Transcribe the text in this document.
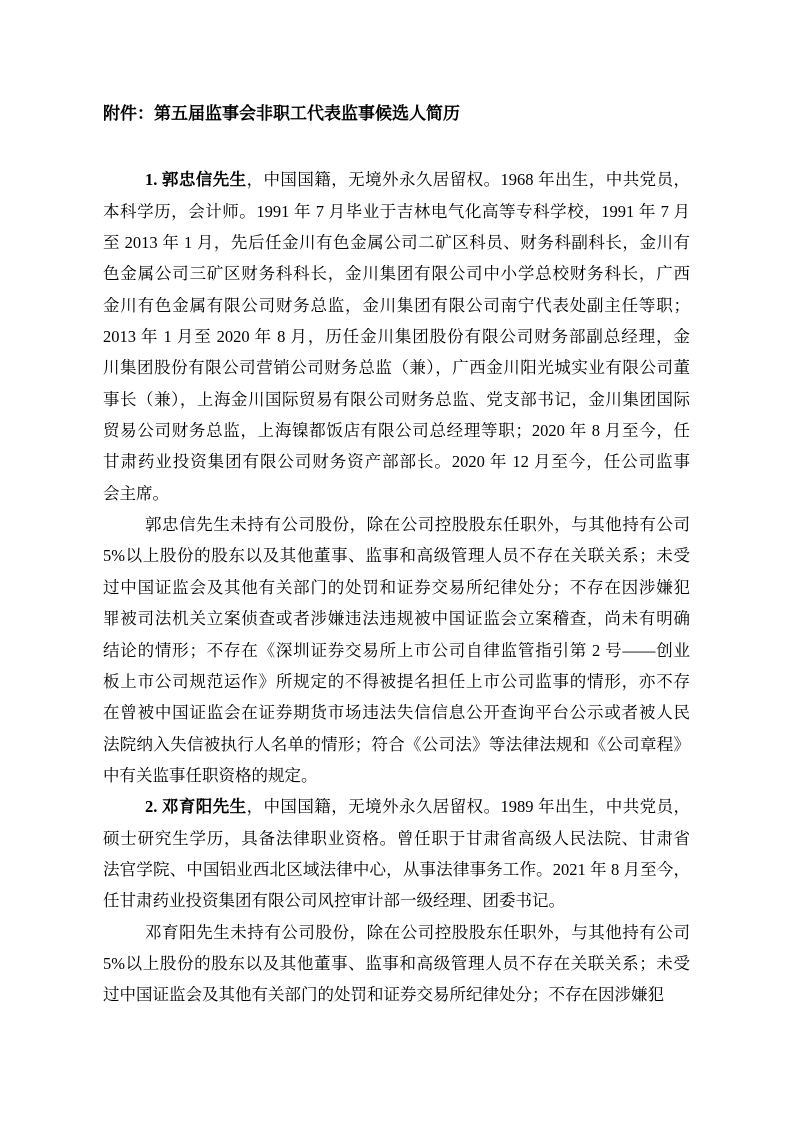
附件：第五届监事会非职工代表监事候选人简历
1. 郭忠信先生，中国国籍，无境外永久居留权。1968 年出生，中共党员，
本科学历，会计师。1991 年 7 月毕业于吉林电气化高等专科学校，1991 年 7 月
至 2013 年 1 月，先后任金川有色金属公司二矿区科员、财务科副科长，金川有
色金属公司三矿区财务科科长，金川集团有限公司中小学总校财务科长，广西
金川有色金属有限公司财务总监，金川集团有限公司南宁代表处副主任等职；
2013 年 1 月至 2020 年 8 月，历任金川集团股份有限公司财务部副总经理，金
川集团股份有限公司营销公司财务总监（兼），广西金川阳光城实业有限公司董
事长（兼），上海金川国际贸易有限公司财务总监、党支部书记，金川集团国际
贸易公司财务总监，上海镍都饭店有限公司总经理等职；2020 年 8 月至今，任
甘肃药业投资集团有限公司财务资产部部长。2020 年 12 月至今，任公司监事
会主席。
郭忠信先生未持有公司股份，除在公司控股股东任职外，与其他持有公司
5%以上股份的股东以及其他董事、监事和高级管理人员不存在关联关系；未受
过中国证监会及其他有关部门的处罚和证券交易所纪律处分；不存在因涉嫌犯
罪被司法机关立案侦查或者涉嫌违法违规被中国证监会立案稽查，尚未有明确
结论的情形；不存在《深圳证券交易所上市公司自律监管指引第 2 号——创业
板上市公司规范运作》所规定的不得被提名担任上市公司监事的情形，亦不存
在曾被中国证监会在证券期货市场违法失信信息公开查询平台公示或者被人民
法院纳入失信被执行人名单的情形；符合《公司法》等法律法规和《公司章程》
中有关监事任职资格的规定。
2. 邓育阳先生，中国国籍，无境外永久居留权。1989 年出生，中共党员，
硕士研究生学历，具备法律职业资格。曾任职于甘肃省高级人民法院、甘肃省
法官学院、中国铝业西北区域法律中心，从事法律事务工作。2021 年 8 月至今，
任甘肃药业投资集团有限公司风控审计部一级经理、团委书记。
邓育阳先生未持有公司股份，除在公司控股股东任职外，与其他持有公司
5%以上股份的股东以及其他董事、监事和高级管理人员不存在关联关系；未受
过中国证监会及其他有关部门的处罚和证券交易所纪律处分；不存在因涉嫌犯
